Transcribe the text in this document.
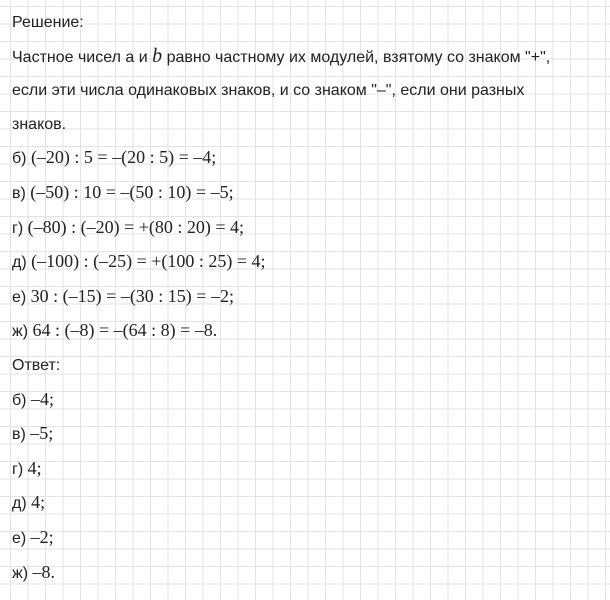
Решение:

Частное чисел а и b равно частному их модулей, взятому со знаком "+",

если эти числа одинаковых знаков, и со знаком "–", если они разных

знаков.

б) (–20) : 5 = –(20 : 5) = –4;

в) (–50) : 10 = –(50 : 10) = –5;

г) (–80) : (–20) = +(80 : 20) = 4;

д) (–100) : (–25) = +(100 : 25) = 4;

е) 30 : (–15) = –(30 : 15) = –2;

ж) 64 : (–8) = –(64 : 8) = –8.

Ответ:

б) –4;

в) –5;

г) 4;

д) 4;

е) –2;

ж) –8.
